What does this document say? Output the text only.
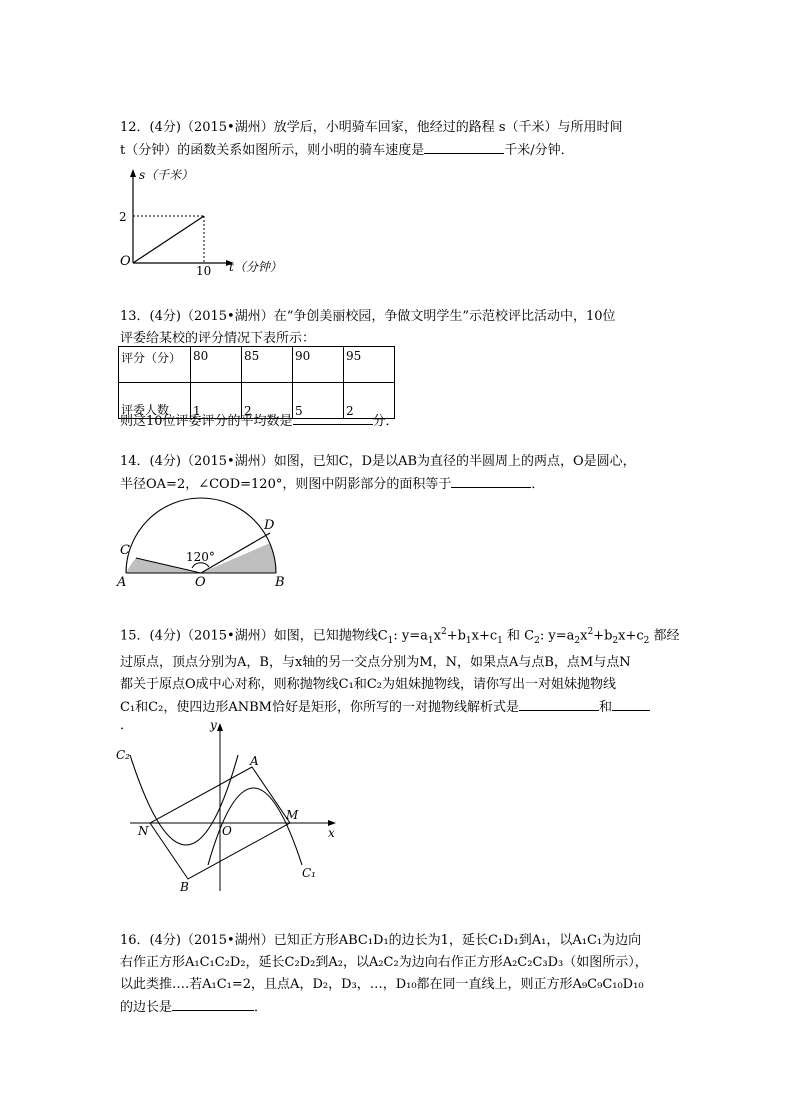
12．(4分)（2015•湖州）放学后，小明骑车回家，他经过的路程 s（千米）与所用时间
t（分钟）的函数关系如图所示，则小明的骑车速度是	千米/分钟．
s（千米）
O
2
10 t（分钟）
13．(4分)（2015•湖州）在“争创美丽校园，争做文明学生”示范校评比活动中，10位
评委给某校的评分情况下表所示：
评分（分）	80	85	90	95
评委人数	1	2	5	2
则这10位评委评分的平均数是	分．
14．(4分)（2015•湖州）如图，已知C，D是以AB为直径的半圆周上的两点，O是圆心，
半径OA=2，∠COD=120°，则图中阴影部分的面积等于	．
A	B
C
D
O
120°
15．(4分)（2015•湖州）如图，已知抛物线$C_1$: $y=a_1x^2+b_1x+c_1$ 和 $C_2$: $y=a_2x^2+b_2x+c_2$ 都经
过原点，顶点分别为A，B，与x轴的另一交点分别为M，N，如果点A与点B，点M与点N
都关于原点O成中心对称，则称抛物线C₁和C₂为姐妹抛物线，请你写出一对姐妹抛物线
C₁和C₂，使四边形ANBM恰好是矩形，你所写的一对抛物线解析式是	和
．	y
x
C₂
C₁
A
B
M
N	O
16．(4分)（2015•湖州）已知正方形ABC₁D₁的边长为1，延长C₁D₁到A₁，以A₁C₁为边向
右作正方形A₁C₁C₂D₂，延长C₂D₂到A₂，以A₂C₂为边向右作正方形A₂C₂C₃D₃（如图所示），
以此类推….若A₁C₁=2，且点A，D₂，D₃，…，D₁₀都在同一直线上，则正方形A₉C₉C₁₀D₁₀
的边长是	．
